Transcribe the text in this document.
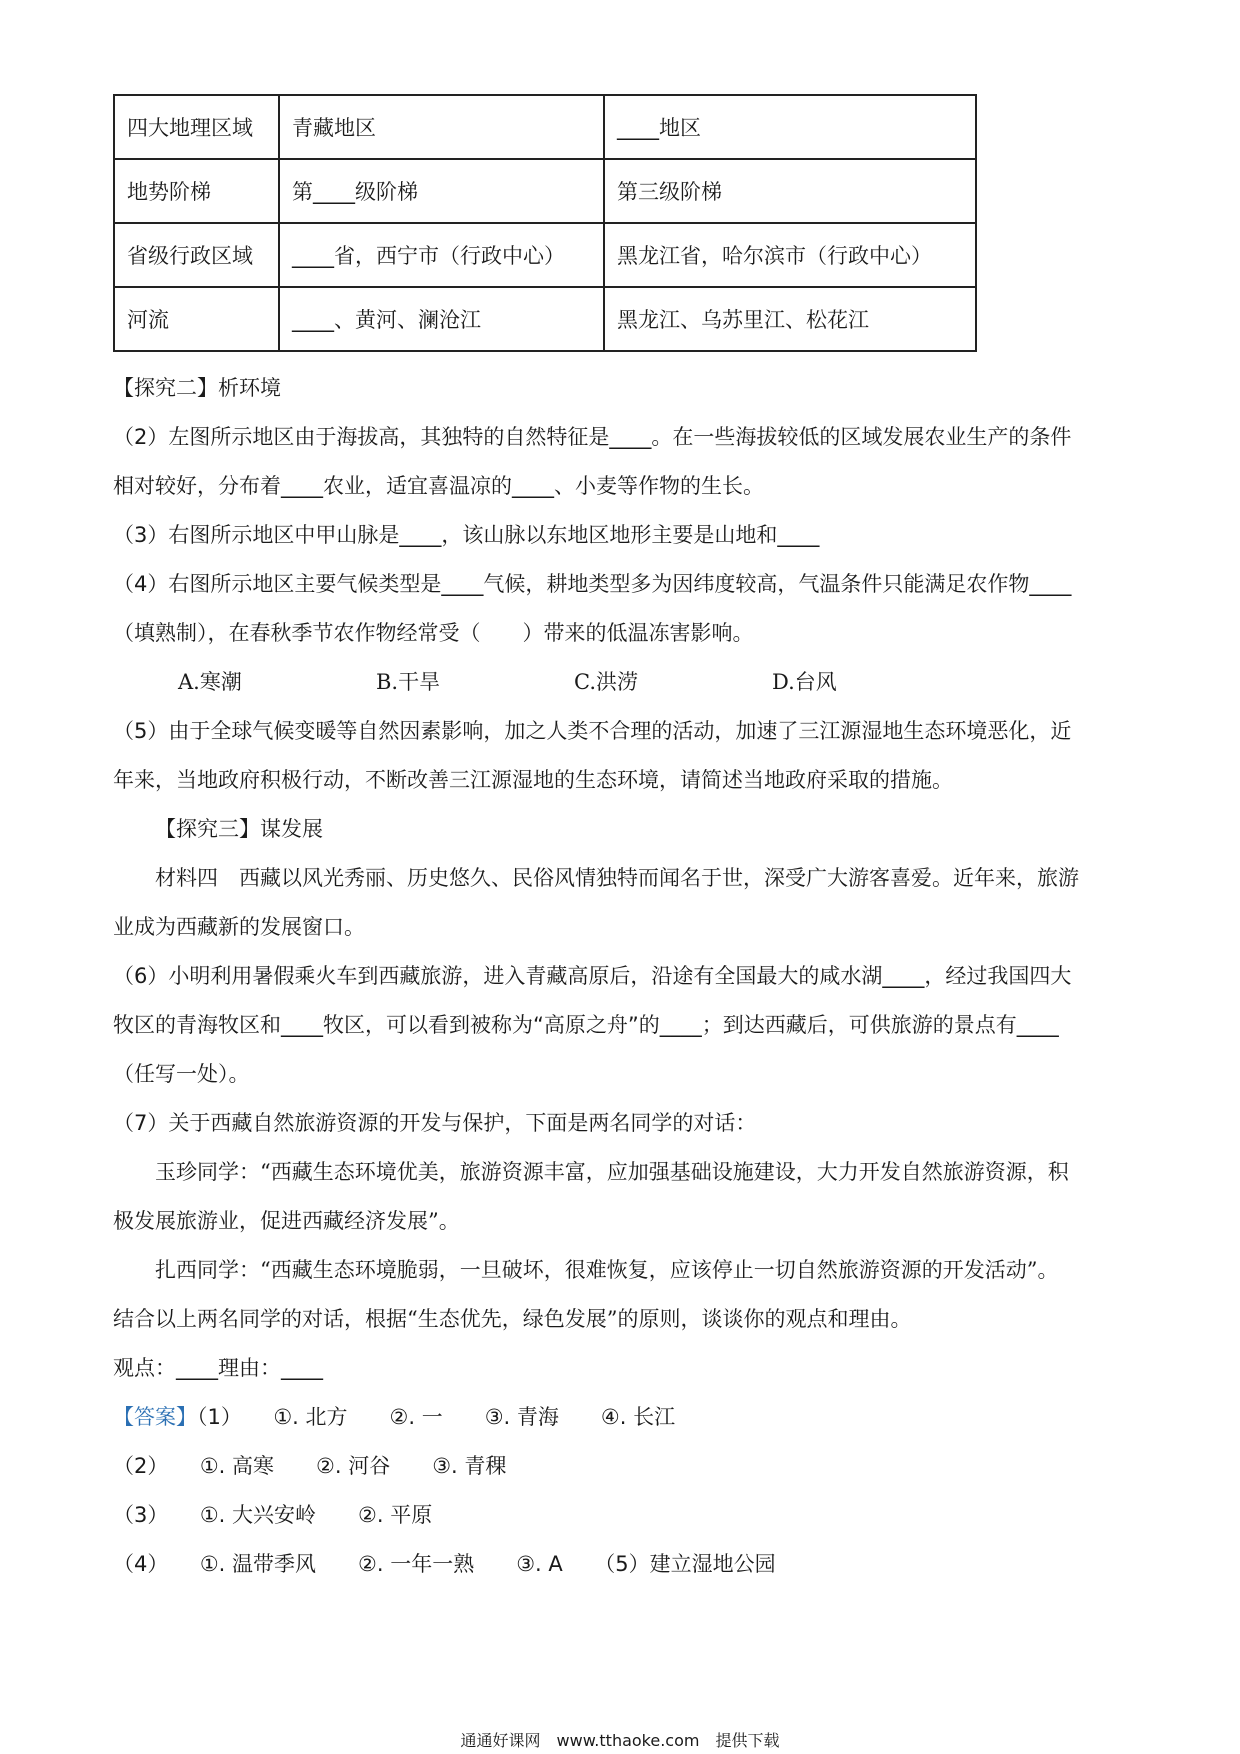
四大地理区域	青藏地区	____地区
地势阶梯	第____级阶梯	第三级阶梯
省级行政区域	____省，西宁市（行政中心）	黑龙江省，哈尔滨市（行政中心）
河流	____、黄河、澜沧江	黑龙江、乌苏里江、松花江
【探究二】析环境
（2）左图所示地区由于海拔高，其独特的自然特征是____。在一些海拔较低的区域发展农业生产的条件
相对较好，分布着____农业，适宜喜温凉的____、小麦等作物的生长。
（3）右图所示地区中甲山脉是____，该山脉以东地区地形主要是山地和____
（4）右图所示地区主要气候类型是____气候，耕地类型多为因纬度较高，气温条件只能满足农作物____
（填熟制），在春秋季节农作物经常受（　　）带来的低温冻害影响。
A.寒潮	B.干旱	C.洪涝	D.台风
（5）由于全球气候变暖等自然因素影响，加之人类不合理的活动，加速了三江源湿地生态环境恶化，近
年来，当地政府积极行动，不断改善三江源湿地的生态环境，请简述当地政府采取的措施。
【探究三】谋发展
材料四　西藏以风光秀丽、历史悠久、民俗风情独特而闻名于世，深受广大游客喜爱。近年来，旅游
业成为西藏新的发展窗口。
（6）小明利用暑假乘火车到西藏旅游，进入青藏高原后，沿途有全国最大的咸水湖____，经过我国四大
牧区的青海牧区和____牧区，可以看到被称为“高原之舟”的____；到达西藏后，可供旅游的景点有____
（任写一处）。
（7）关于西藏自然旅游资源的开发与保护，下面是两名同学的对话：
玉珍同学：“西藏生态环境优美，旅游资源丰富，应加强基础设施建设，大力开发自然旅游资源，积
极发展旅游业，促进西藏经济发展”。
扎西同学：“西藏生态环境脆弱，一旦破坏，很难恢复，应该停止一切自然旅游资源的开发活动”。
结合以上两名同学的对话，根据“生态优先，绿色发展”的原则，谈谈你的观点和理由。
观点：____理由：____
【答案】（1）　　①. 北方　　②. 一　　③. 青海　　④. 长江
（2）　　①. 高寒　　②. 河谷　　③. 青稞
（3）　　①. 大兴安岭　　②. 平原
（4）　　①. 温带季风　　②. 一年一熟　　③. A　　（5）建立湿地公园
通通好课网　www.tthaoke.com　提供下载
